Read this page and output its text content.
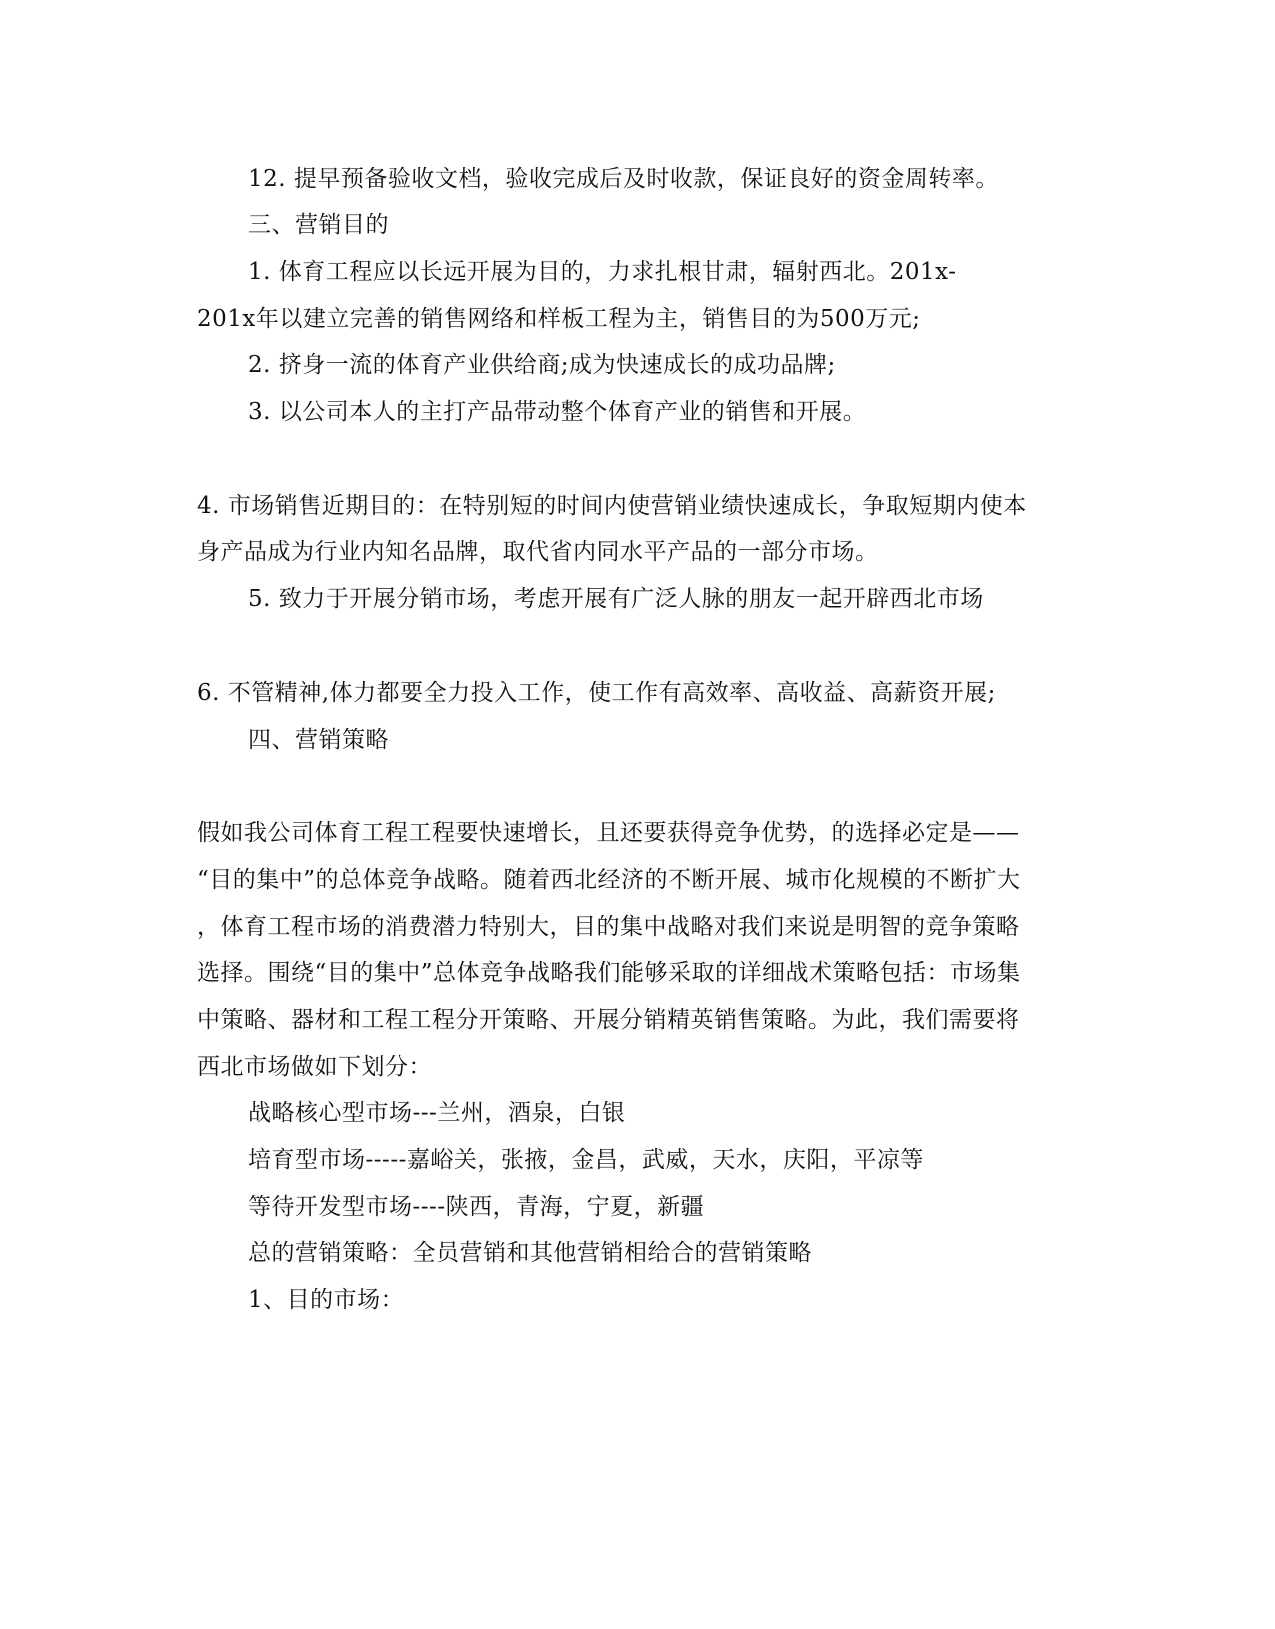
12. 提早预备验收文档，验收完成后及时收款，保证良好的资金周转率。
三、营销目的
1. 体育工程应以长远开展为目的，力求扎根甘肃，辐射西北。201x-
201x年以建立完善的销售网络和样板工程为主，销售目的为500万元;
2. 挤身一流的体育产业供给商;成为快速成长的成功品牌;
3. 以公司本人的主打产品带动整个体育产业的销售和开展。
4. 市场销售近期目的：在特别短的时间内使营销业绩快速成长，争取短期内使本
身产品成为行业内知名品牌，取代省内同水平产品的一部分市场。
5. 致力于开展分销市场，考虑开展有广泛人脉的朋友一起开辟西北市场
6. 不管精神,体力都要全力投入工作，使工作有高效率、高收益、高薪资开展;
四、营销策略
假如我公司体育工程工程要快速增长，且还要获得竞争优势，的选择必定是——
“目的集中”的总体竞争战略。随着西北经济的不断开展、城市化规模的不断扩大
，体育工程市场的消费潜力特别大，目的集中战略对我们来说是明智的竞争策略
选择。围绕“目的集中”总体竞争战略我们能够采取的详细战术策略包括：市场集
中策略、器材和工程工程分开策略、开展分销精英销售策略。为此，我们需要将
西北市场做如下划分：
战略核心型市场---兰州，酒泉，白银
培育型市场-----嘉峪关，张掖，金昌，武威，天水，庆阳，平凉等
等待开发型市场----陕西，青海，宁夏，新疆
总的营销策略：全员营销和其他营销相给合的营销策略
1、目的市场：
